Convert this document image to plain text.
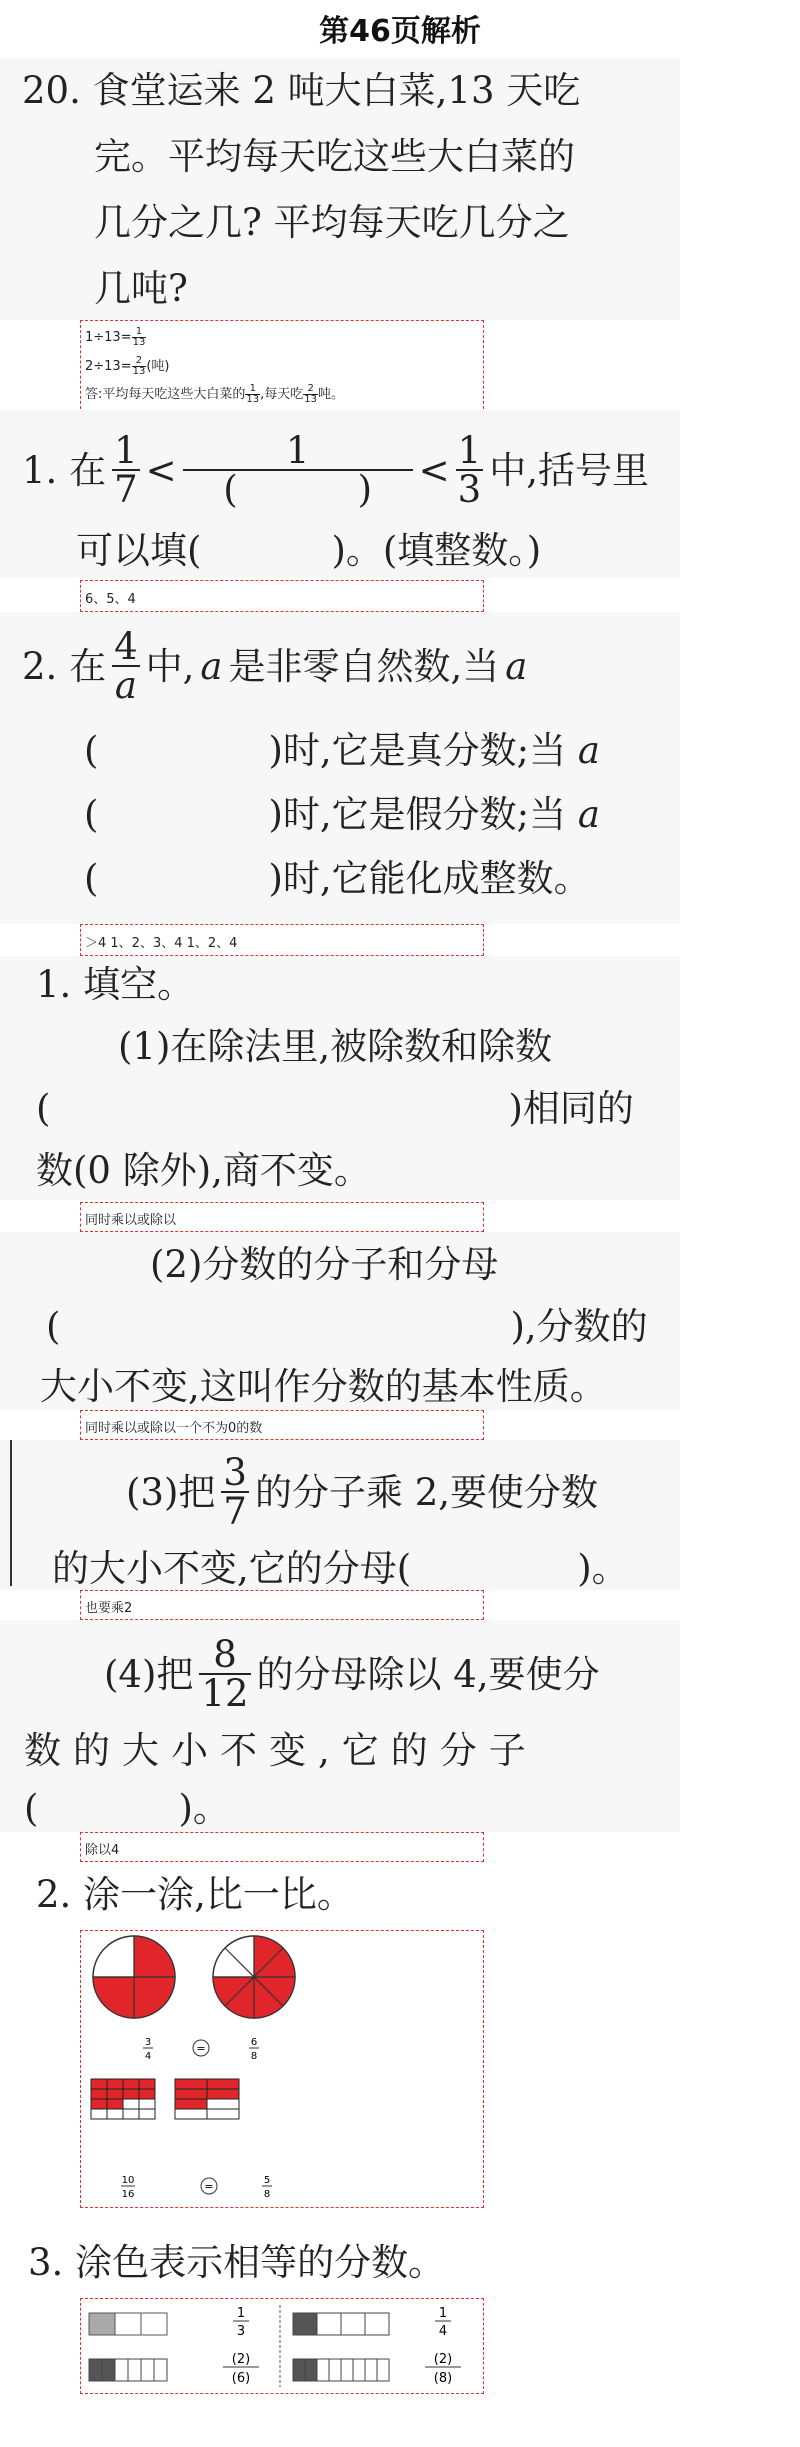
第46页解析
20. 食堂运来 2 吨大白菜,13 天吃
完。平均每天吃这些大白菜的
几分之几? 平均每天吃几分之
几吨?
$1\div 13= \frac{1}{13}$
$2\div 13= \frac{2}{13}$ (吨)
答:平均每天吃这些大白菜的 $\frac{1}{13}$ ,每天吃 $\frac{2}{13}$ 吨。
1. 在 $\frac{1}{7} < 1$
(	) < $\frac{1}{3}$ 中,括号里
可以填(	)。(填整数。)
6、5、4
2. 在 $\frac{4}{a}$ 中, a 是非零自然数,当 a
(	)时,它是真分数;当 a
(	)时,它是假分数;当 a
(	)时,它能化成整数。
＞4 1、2、3、4 1、2、4
1. 填空。
(1)在除法里,被除数和除数
(	)相同的
数(0 除外),商不变。
同时乘以或除以
(2)分数的分子和分母
(	),分数的
大小不变,这叫作分数的基本性质。
同时乘以或除以一个不为0的数
(3)把 $\frac{3}{7}$ 的分子乘 2,要使分数
的大小不变,它的分母(	)。
也要乘2
(4)把 $\frac{8}{12}$ 的分母除以 4,要使分
数的大小不变,它的分子
(	)。
除以4
2. 涂一涂,比一比。
3
4
=	6
8
10
16
=	5
8
3. 涂色表示相等的分数。
1
3
(2)
(6)
1
4
(2)
(8)
